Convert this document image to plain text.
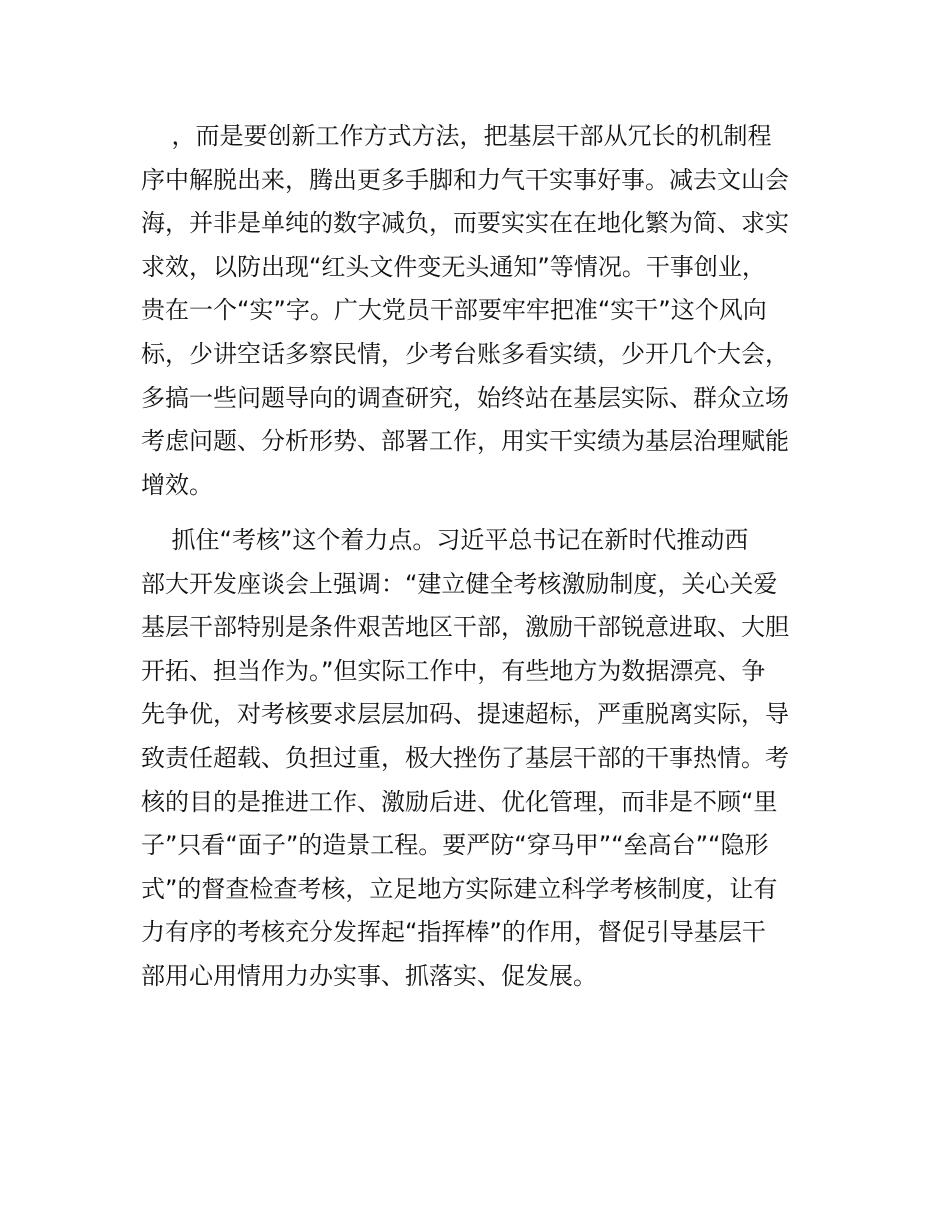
，而是要创新工作方式方法，把基层干部从冗长的机制程
序中解脱出来，腾出更多手脚和力气干实事好事。减去文山会
海，并非是单纯的数字减负，而要实实在在地化繁为简、求实
求效，以防出现“红头文件变无头通知”等情况。干事创业，
贵在一个“实”字。广大党员干部要牢牢把准“实干”这个风向
标，少讲空话多察民情，少考台账多看实绩，少开几个大会，
多搞一些问题导向的调查研究，始终站在基层实际、群众立场
考虑问题、分析形势、部署工作，用实干实绩为基层治理赋能
增效。
抓住“考核”这个着力点。习近平总书记在新时代推动西
部大开发座谈会上强调：“建立健全考核激励制度，关心关爱
基层干部特别是条件艰苦地区干部，激励干部锐意进取、大胆
开拓、担当作为。”但实际工作中，有些地方为数据漂亮、争
先争优，对考核要求层层加码、提速超标，严重脱离实际，导
致责任超载、负担过重，极大挫伤了基层干部的干事热情。考
核的目的是推进工作、激励后进、优化管理，而非是不顾“里
子”只看“面子”的造景工程。要严防“穿马甲”“垒高台”“隐形
式”的督查检查考核，立足地方实际建立科学考核制度，让有
力有序的考核充分发挥起“指挥棒”的作用，督促引导基层干
部用心用情用力办实事、抓落实、促发展。
